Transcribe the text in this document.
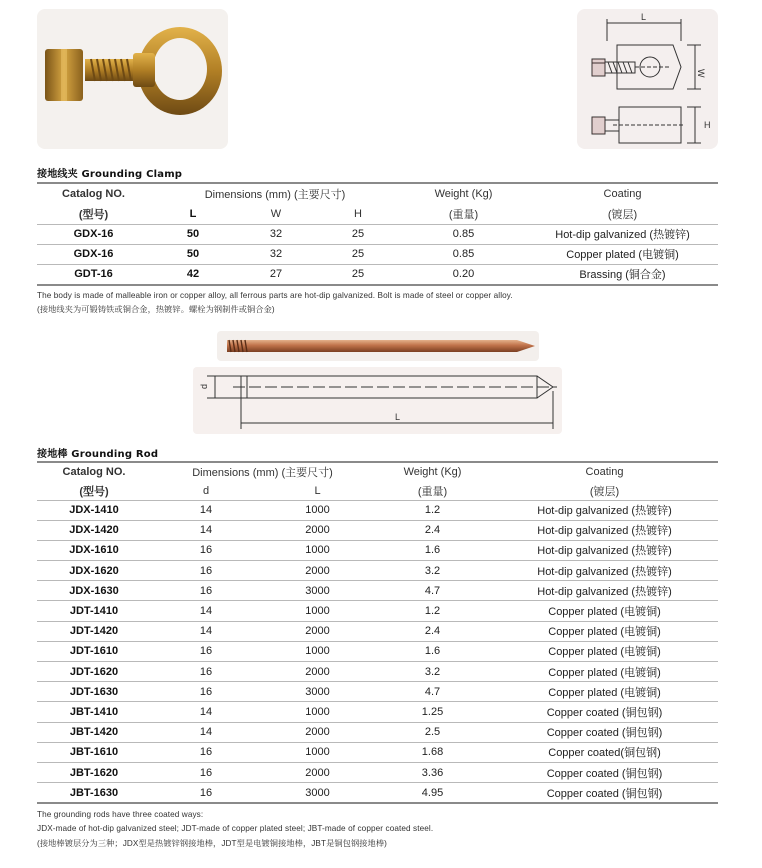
L
W
H
接地线夹 Grounding Clamp
Catalog NO.	Dimensions (mm) (主要尺寸)			Weight (Kg)	Coating
(型号)	L	W	H	(重量)	(镀层)
GDX-16	50	32	25	0.85	Hot-dip galvanized (热镀锌)
GDX-16	50	32	25	0.85	Copper plated (电镀铜)
GDT-16	42	27	25	0.20	Brassing (铜合金)
The body is made of malleable iron or copper alloy, all ferrous parts are hot-dip galvanized. Bolt is made of steel or copper alloy.
(接地线夹为可锻铸铁或铜合金，热镀锌。螺栓为钢制件或铜合金)
d
L
接地棒 Grounding Rod
Catalog NO.	Dimensions (mm) (主要尺寸)		Weight (Kg)	Coating
(型号)	d	L	(重量)	(镀层)
JDX-1410	14	1000	1.2	Hot-dip galvanized (热镀锌)
JDX-1420	14	2000	2.4	Hot-dip galvanized (热镀锌)
JDX-1610	16	1000	1.6	Hot-dip galvanized (热镀锌)
JDX-1620	16	2000	3.2	Hot-dip galvanized (热镀锌)
JDX-1630	16	3000	4.7	Hot-dip galvanized (热镀锌)
JDT-1410	14	1000	1.2	Copper plated (电镀铜)
JDT-1420	14	2000	2.4	Copper plated (电镀铜)
JDT-1610	16	1000	1.6	Copper plated (电镀铜)
JDT-1620	16	2000	3.2	Copper plated (电镀铜)
JDT-1630	16	3000	4.7	Copper plated (电镀铜)
JBT-1410	14	1000	1.25	Copper coated (铜包钢)
JBT-1420	14	2000	2.5	Copper coated (铜包钢)
JBT-1610	16	1000	1.68	Copper coated(铜包钢)
JBT-1620	16	2000	3.36	Copper coated (铜包钢)
JBT-1630	16	3000	4.95	Copper coated (铜包钢)
The grounding rods have three coated ways:
JDX-made of hot-dip galvanized steel; JDT-made of copper plated steel; JBT-made of copper coated steel.
(接地棒镀层分为三种；JDX型是热镀锌钢接地棒，JDT型是电镀铜接地棒，JBT是铜包钢接地棒)
